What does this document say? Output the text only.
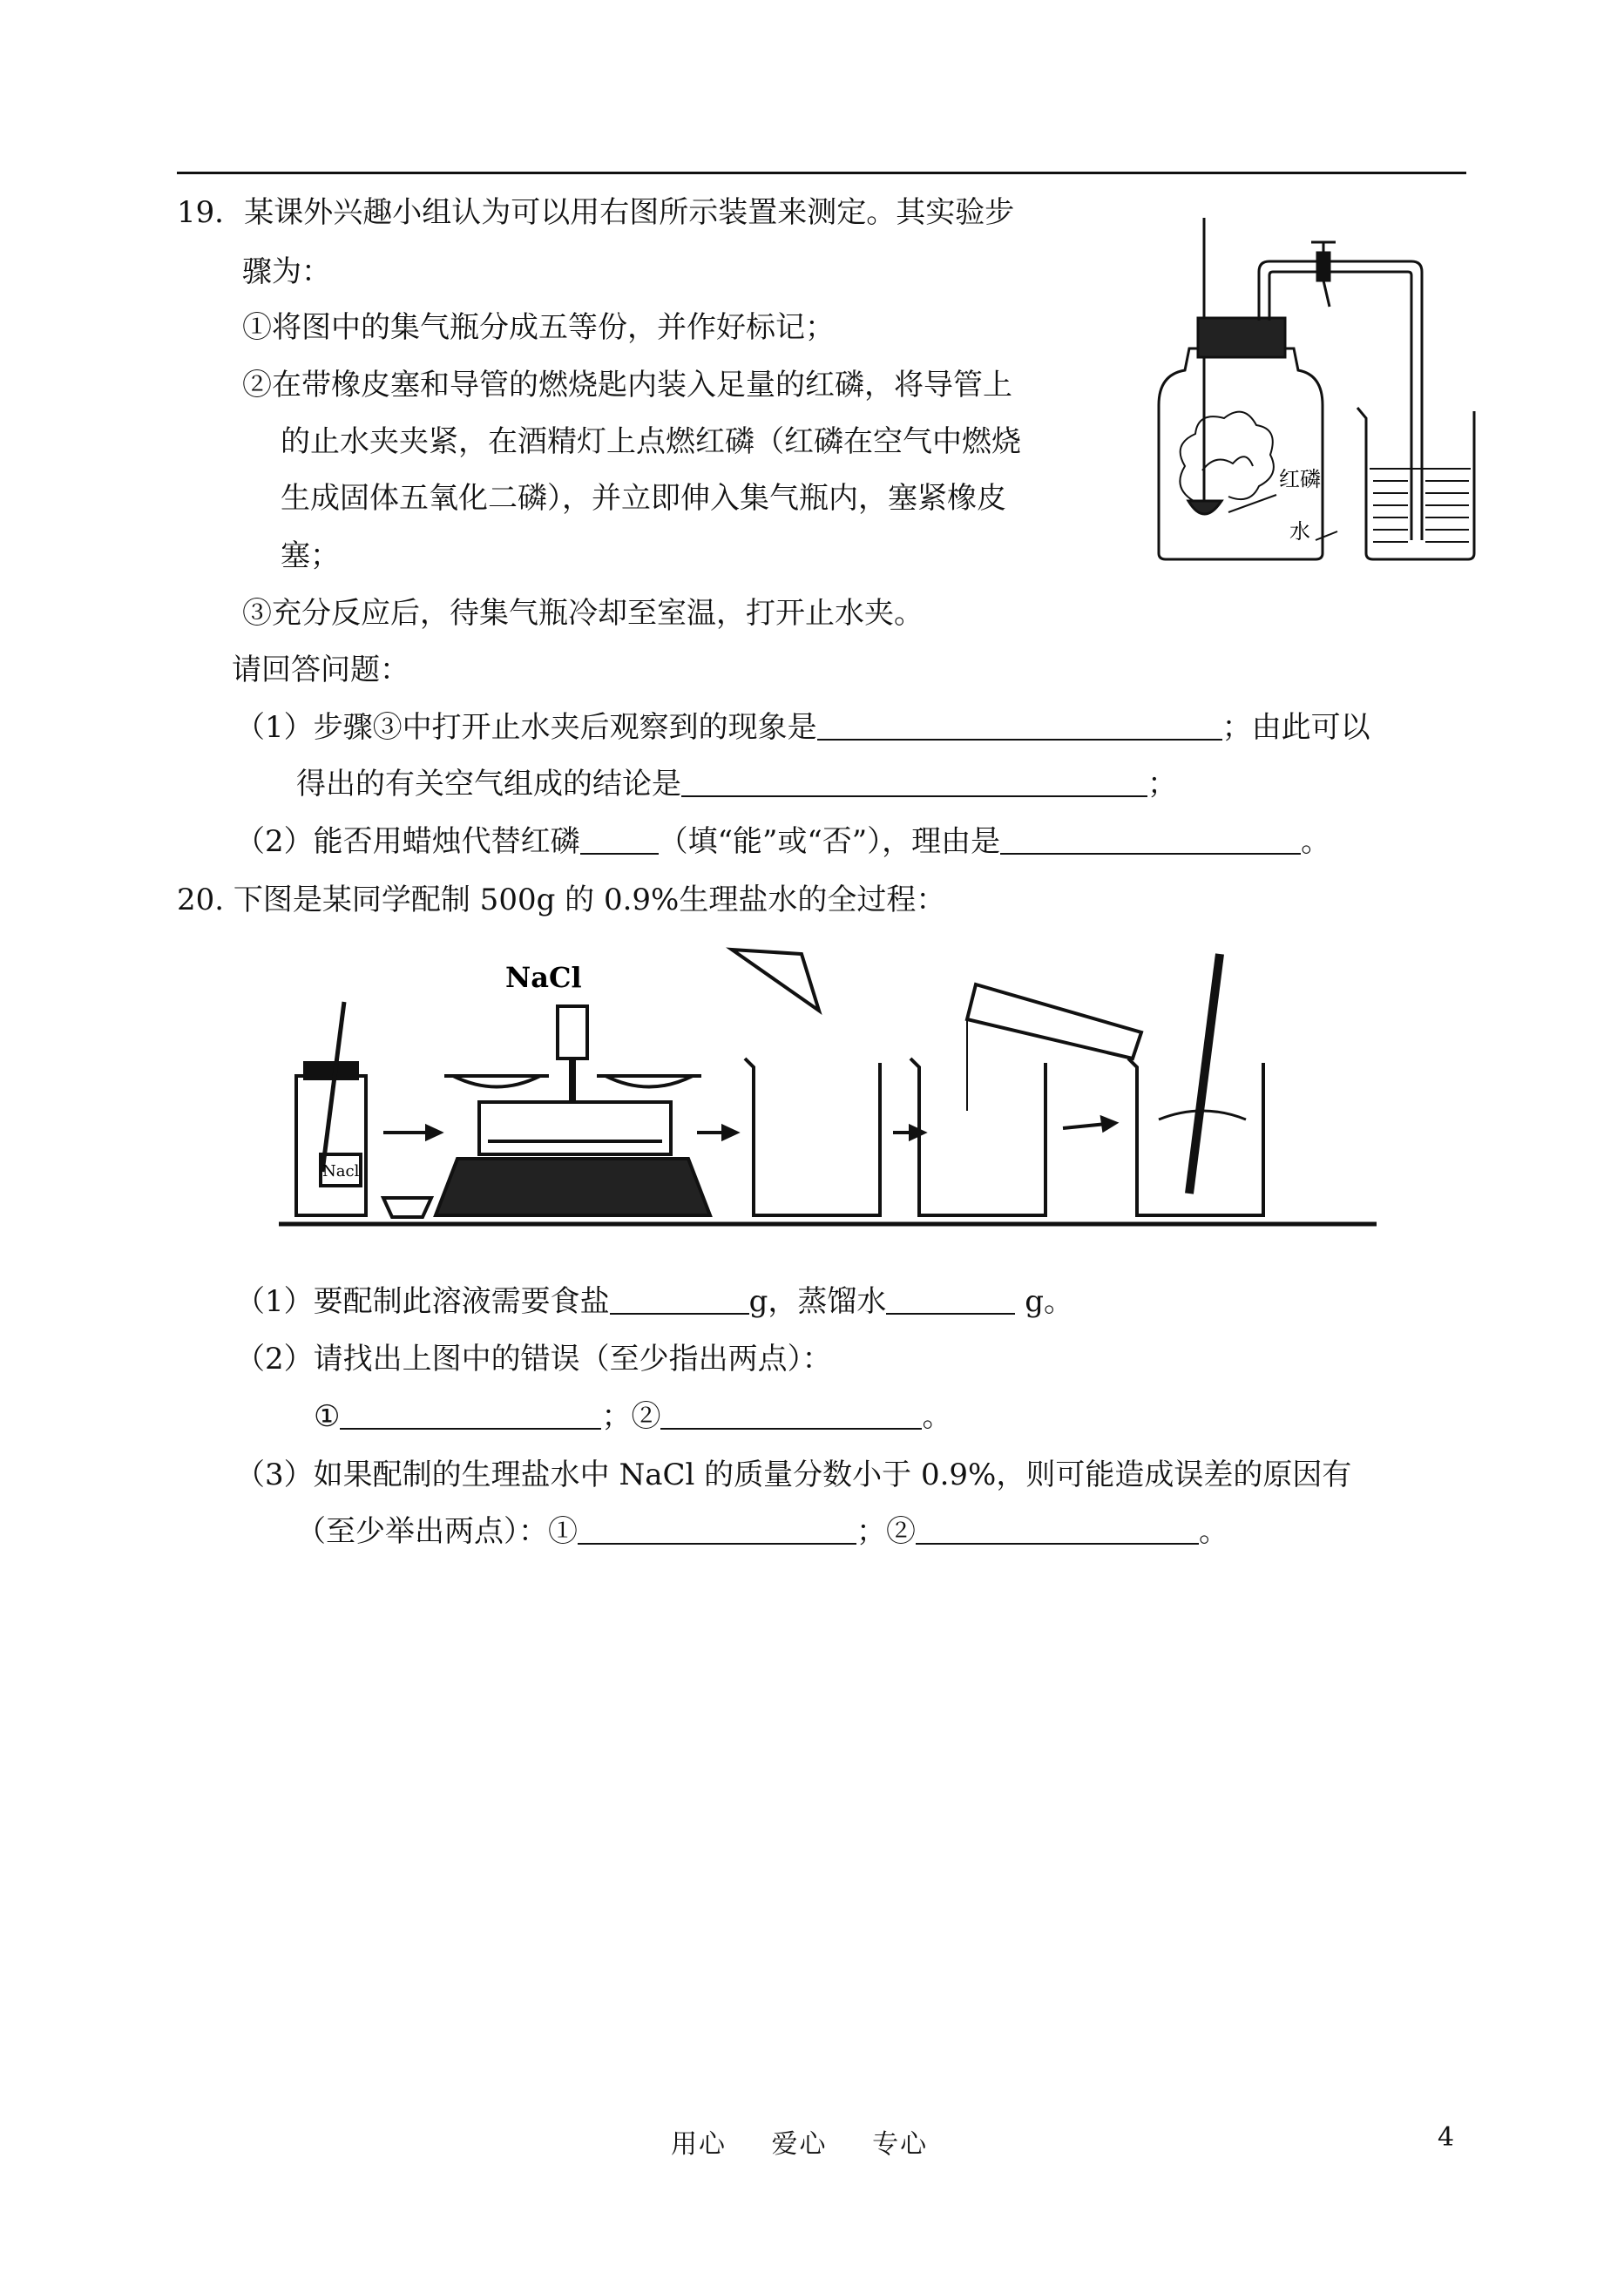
19．某课外兴趣小组认为可以用右图所示装置来测定。其实验步
骤为：
①将图中的集气瓶分成五等份，并作好标记；
②在带橡皮塞和导管的燃烧匙内装入足量的红磷，将导管上
的止水夹夹紧，在酒精灯上点燃红磷（红磷在空气中燃烧
生成固体五氧化二磷），并立即伸入集气瓶内，塞紧橡皮
塞；
③充分反应后，待集气瓶冷却至室温，打开止水夹。
请回答问题：
（1）步骤③中打开止水夹后观察到的现象是	；由此可以
得出的有关空气组成的结论是	；
（2）能否用蜡烛代替红磷	（填“能”或“否”），理由是	。
红磷
水
20. 下图是某同学配制 500g 的 0.9%生理盐水的全过程：
NaCl
Nacl
（1）要配制此溶液需要食盐	g，蒸馏水	g。
（2）请找出上图中的错误（至少指出两点）：
①	；②	。
（3）如果配制的生理盐水中 NaCl 的质量分数小于 0.9%，则可能造成误差的原因有
（至少举出两点）：①	；②	。
用心 爱心 专心	4
